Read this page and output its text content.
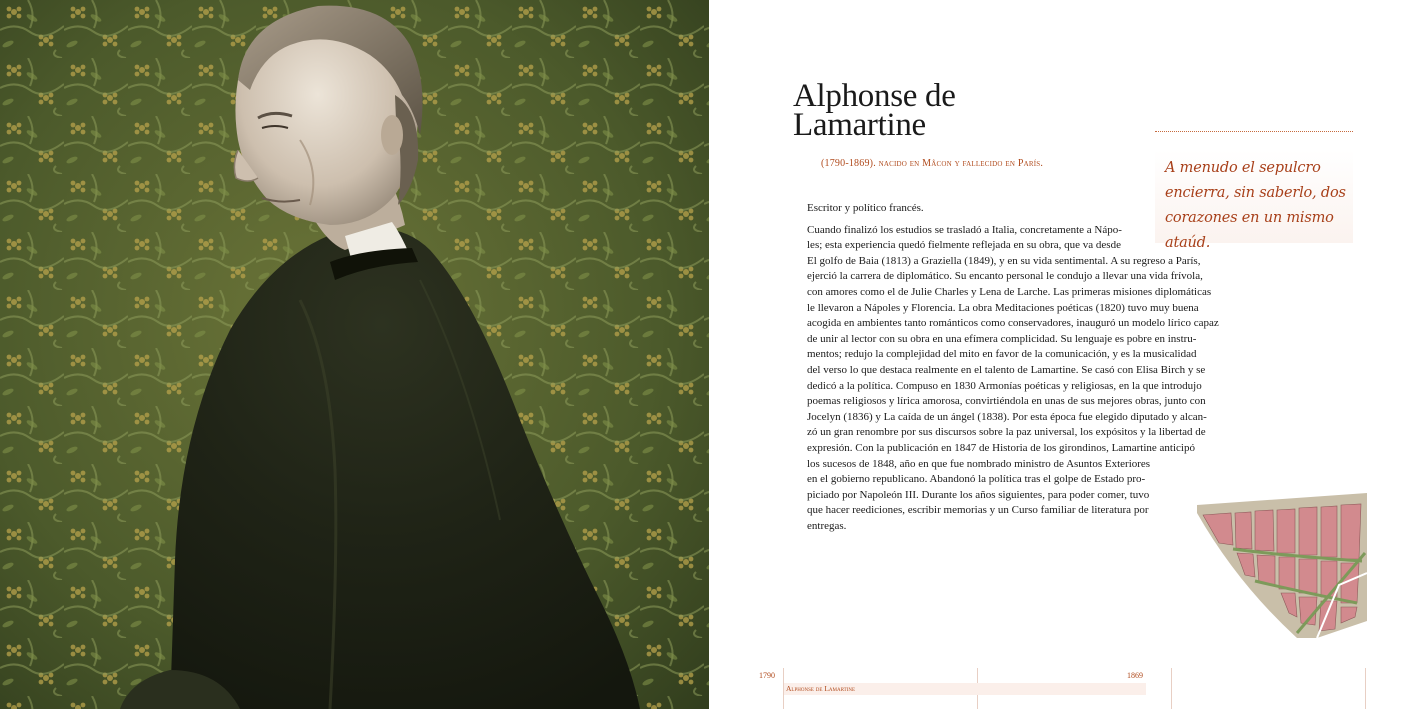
Alphonse de
Lamartine
(1790-1869). nacido en Mâcon y fallecido en París.	A menudo el sepulcro encierra, sin saberlo, dos corazones en un mismo ataúd.

Escritor y político francés.

Cuando finalizó los estudios se trasladó a Italia, concretamente a Nápo-
les; esta experiencia quedó fielmente reflejada en su obra, que va desde
El golfo de Baia (1813) a Graziella (1849), y en su vida sentimental. A su regreso a París,
ejerció la carrera de diplomático. Su encanto personal le condujo a llevar una vida frívola,
con amores como el de Julie Charles y Lena de Larche. Las primeras misiones diplomáticas
le llevaron a Nápoles y Florencia. La obra Meditaciones poéticas (1820) tuvo muy buena
acogida en ambientes tanto románticos como conservadores, inauguró un modelo lírico capaz
de unir al lector con su obra en una efímera complicidad. Su lenguaje es pobre en instru-
mentos; redujo la complejidad del mito en favor de la comunicación, y es la musicalidad
del verso lo que destaca realmente en el talento de Lamartine. Se casó con Elisa Birch y se
dedicó a la política. Compuso en 1830 Armonías poéticas y religiosas, en la que introdujo
poemas religiosos y lírica amorosa, convirtiéndola en unas de sus mejores obras, junto con
Jocelyn (1836) y La caída de un ángel (1838). Por esta época fue elegido diputado y alcan-
zó un gran renombre por sus discursos sobre la paz universal, los expósitos y la libertad de
expresión. Con la publicación en 1847 de Historia de los girondinos, Lamartine anticipó
los sucesos de 1848, año en que fue nombrado ministro de Asuntos Exteriores
en el gobierno republicano. Abandonó la política tras el golpe de Estado pro-
piciado por Napoleón III. Durante los años siguientes, para poder comer, tuvo
que hacer reediciones, escribir memorias y un Curso familiar de literatura por
entregas.

1790	1869
Alphonse de Lamartine
